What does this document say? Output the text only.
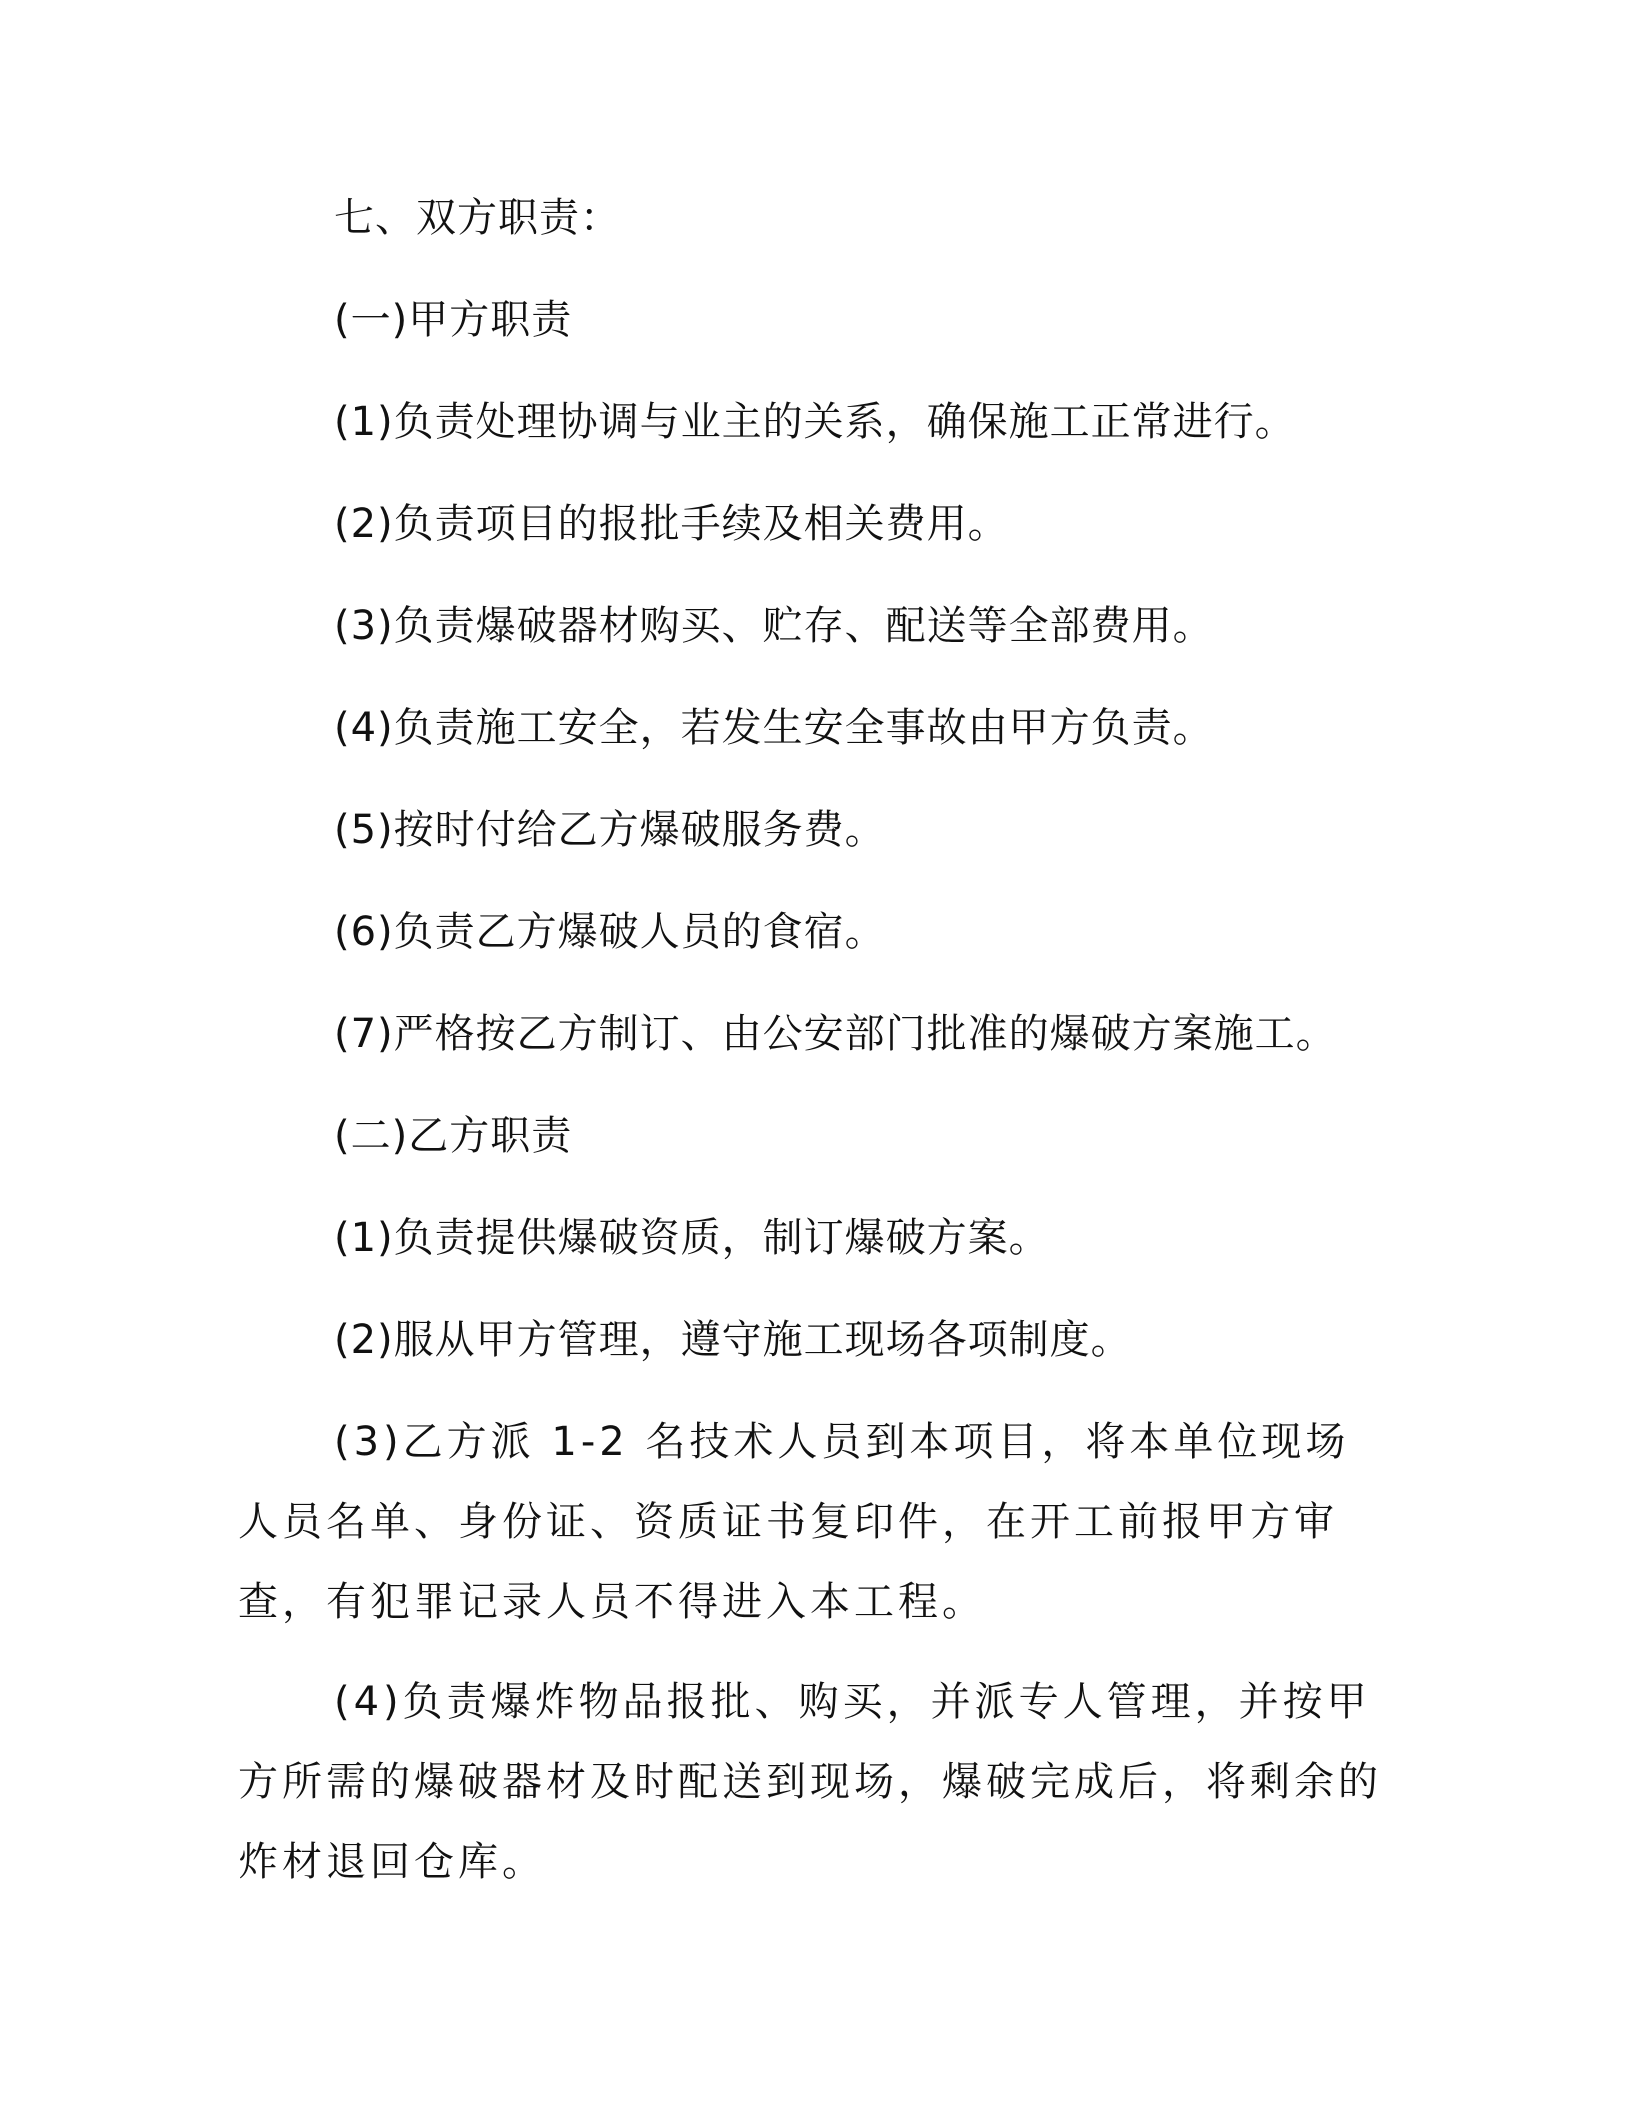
七、双方职责：

(一)甲方职责

(1)负责处理协调与业主的关系，确保施工正常进行。

(2)负责项目的报批手续及相关费用。

(3)负责爆破器材购买、贮存、配送等全部费用。

(4)负责施工安全，若发生安全事故由甲方负责。

(5)按时付给乙方爆破服务费。

(6)负责乙方爆破人员的食宿。

(7)严格按乙方制订、由公安部门批准的爆破方案施工。

(二)乙方职责

(1)负责提供爆破资质，制订爆破方案。

(2)服从甲方管理，遵守施工现场各项制度。

(3)乙方派 1-2 名技术人员到本项目，将本单位现场人员名单、身份证、资质证书复印件，在开工前报甲方审查，有犯罪记录人员不得进入本工程。

(4)负责爆炸物品报批、购买，并派专人管理，并按甲方所需的爆破器材及时配送到现场，爆破完成后，将剩余的炸材退回仓库。
